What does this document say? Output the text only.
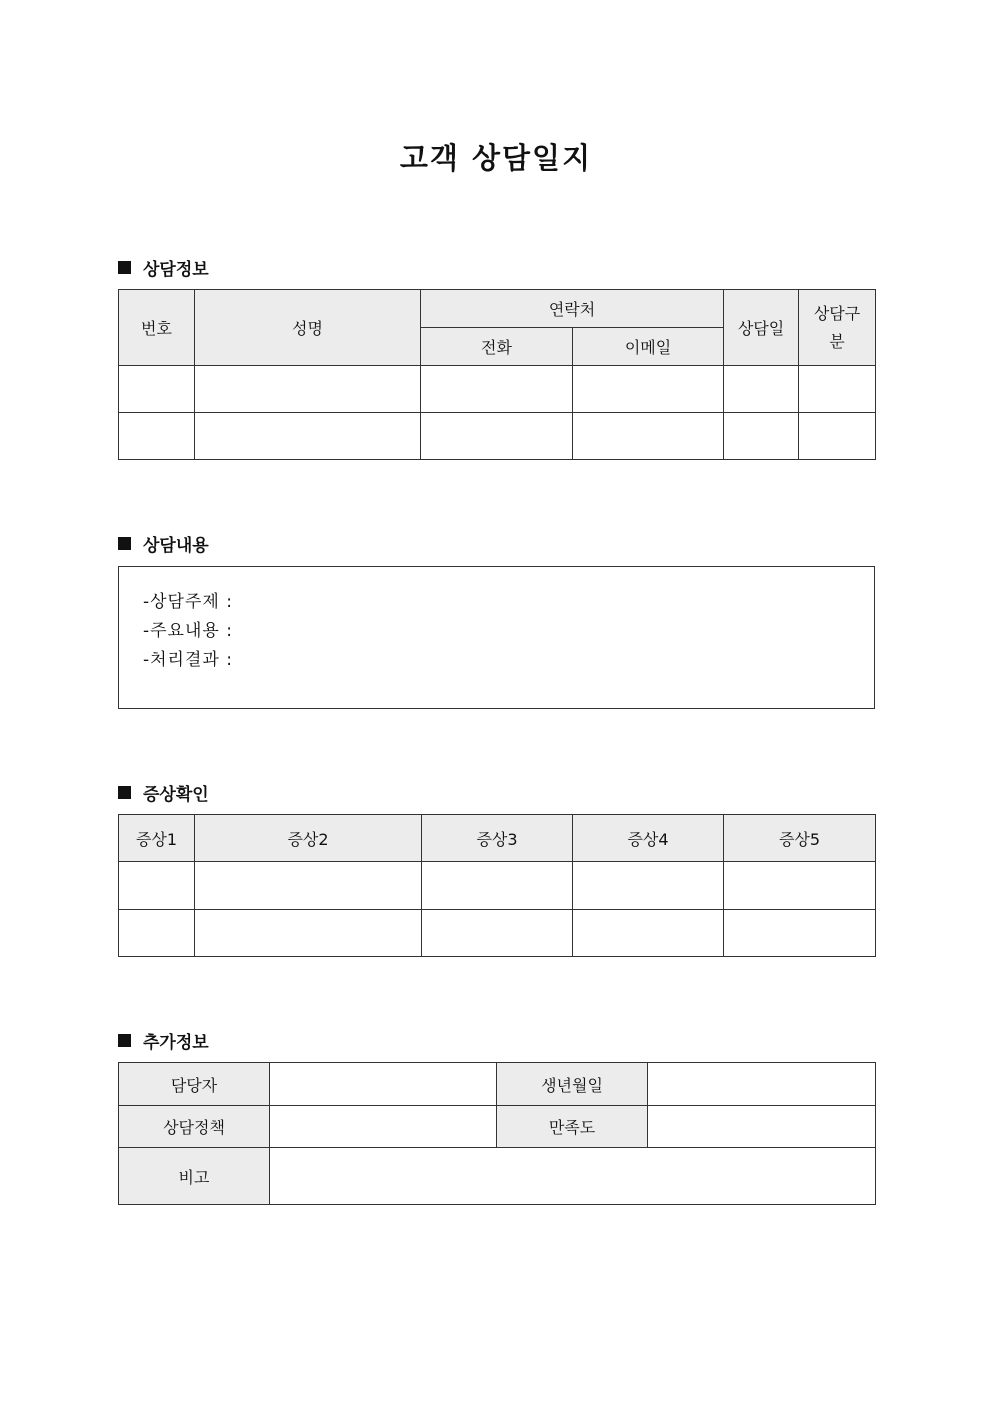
고객 상담일지
상담정보
번호	성명	연락처		상담일	상담구
분
		전화	이메일		

상담내용
-상담주제 :
-주요내용 :
-처리결과 :
증상확인
증상1	증상2	증상3	증상4	증상5

추가정보
담당자		생년월일	
상담정책		만족도	
비고			
